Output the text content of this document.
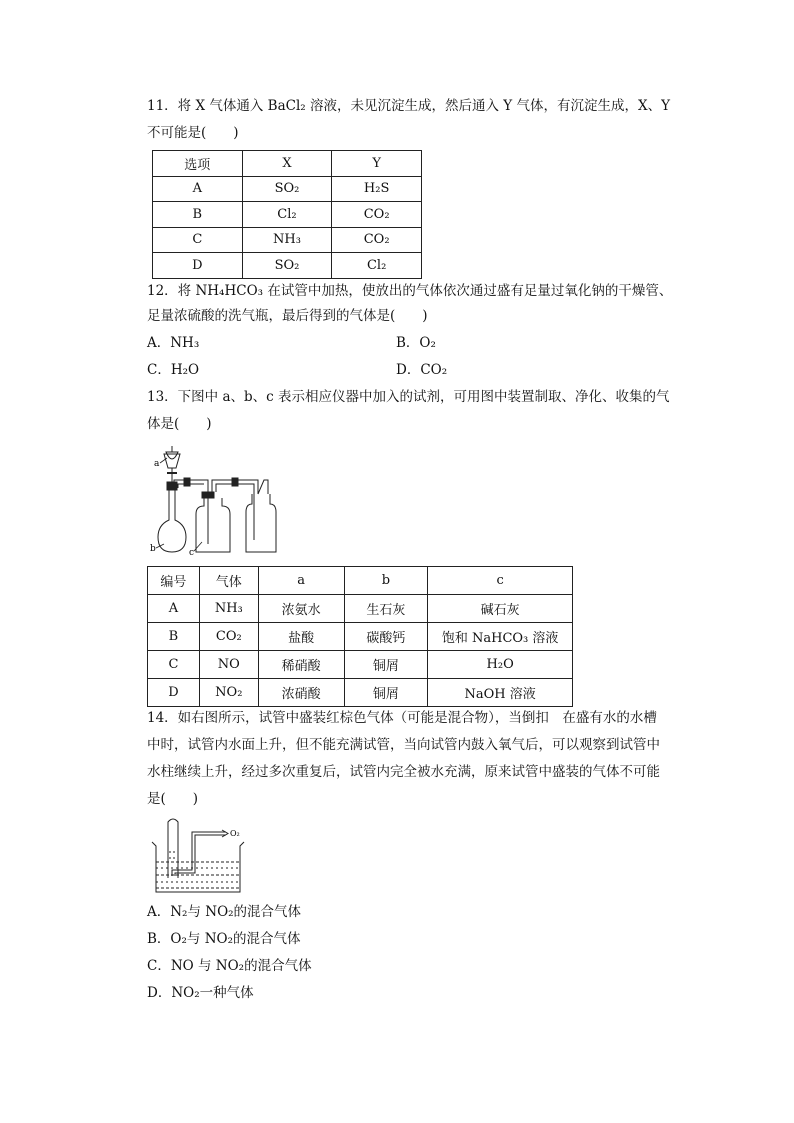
11．将 X 气体通入 BaCl₂ 溶液，未见沉淀生成，然后通入 Y 气体，有沉淀生成，X、Y
不可能是(　　)
选项	X	Y
A	SO₂	H₂S
B	Cl₂	CO₂
C	NH₃	CO₂
D	SO₂	Cl₂
12．将 NH₄HCO₃ 在试管中加热，使放出的气体依次通过盛有足量过氧化钠的干燥管、
足量浓硫酸的洗气瓶，最后得到的气体是(　　)
A．NH₃	B．O₂
C．H₂O	D．CO₂
13．下图中 a、b、c 表示相应仪器中加入的试剂，可用图中装置制取、净化、收集的气
体是(　　)
a
b	c
编号	气体	a	b	c
A	NH₃	浓氨水	生石灰	碱石灰
B	CO₂	盐酸	碳酸钙	饱和 NaHCO₃ 溶液
C	NO	稀硝酸	铜屑	H₂O
D	NO₂	浓硝酸	铜屑	NaOH 溶液
14．如右图所示，试管中盛装红棕色气体（可能是混合物），当倒扣　在盛有水的水槽
中时，试管内水面上升，但不能充满试管，当向试管内鼓入氧气后，可以观察到试管中
水柱继续上升，经过多次重复后，试管内完全被水充满，原来试管中盛装的气体不可能
是(　　)
O₂
A．N₂与 NO₂的混合气体
B．O₂与 NO₂的混合气体
C．NO 与 NO₂的混合气体
D．NO₂一种气体
